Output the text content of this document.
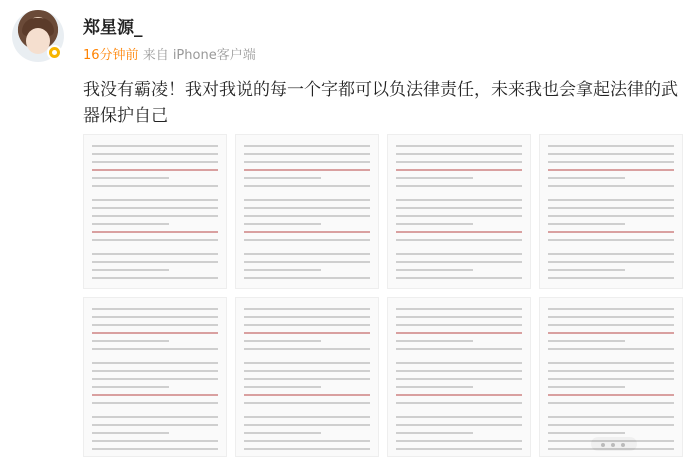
郑星源_
16分钟前 来自 iPhone客户端
我没有霸凌！我对我说的每一个字都可以负法律责任，未来我也会拿起法律的武器保护自己
